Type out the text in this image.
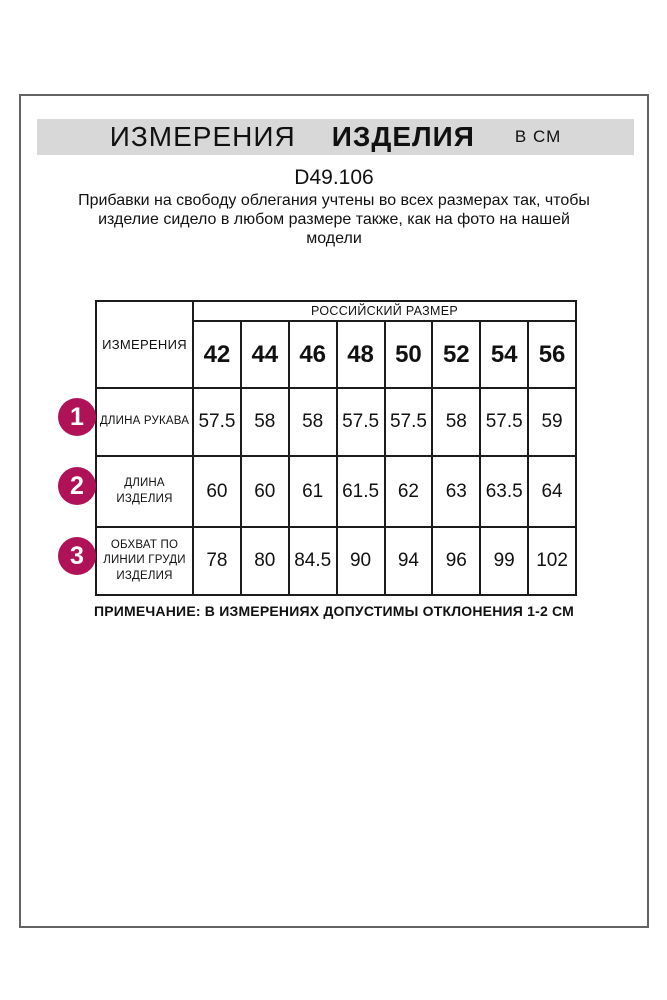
ИЗМЕРЕНИЯ ИЗДЕЛИЯ В СМ
D49.106
Прибавки на свободу облегания учтены во всех размерах так, чтобы
изделие сидело в любом размере также, как на фото на нашей
модели
ИЗМЕРЕНИЯ	РОССИЙСКИЙ РАЗМЕР							
	42	44	46	48	50	52	54	56
ДЛИНА РУКАВА	57.5	58	58	57.5	57.5	58	57.5	59
ДЛИНА ИЗДЕЛИЯ	60	60	61	61.5	62	63	63.5	64
ОБХВАТ ПО ЛИНИИ ГРУДИ ИЗДЕЛИЯ	78	80	84.5	90	94	96	99	102
1
2
3
ПРИМЕЧАНИЕ: В ИЗМЕРЕНИЯХ ДОПУСТИМЫ ОТКЛОНЕНИЯ 1-2 СМ
